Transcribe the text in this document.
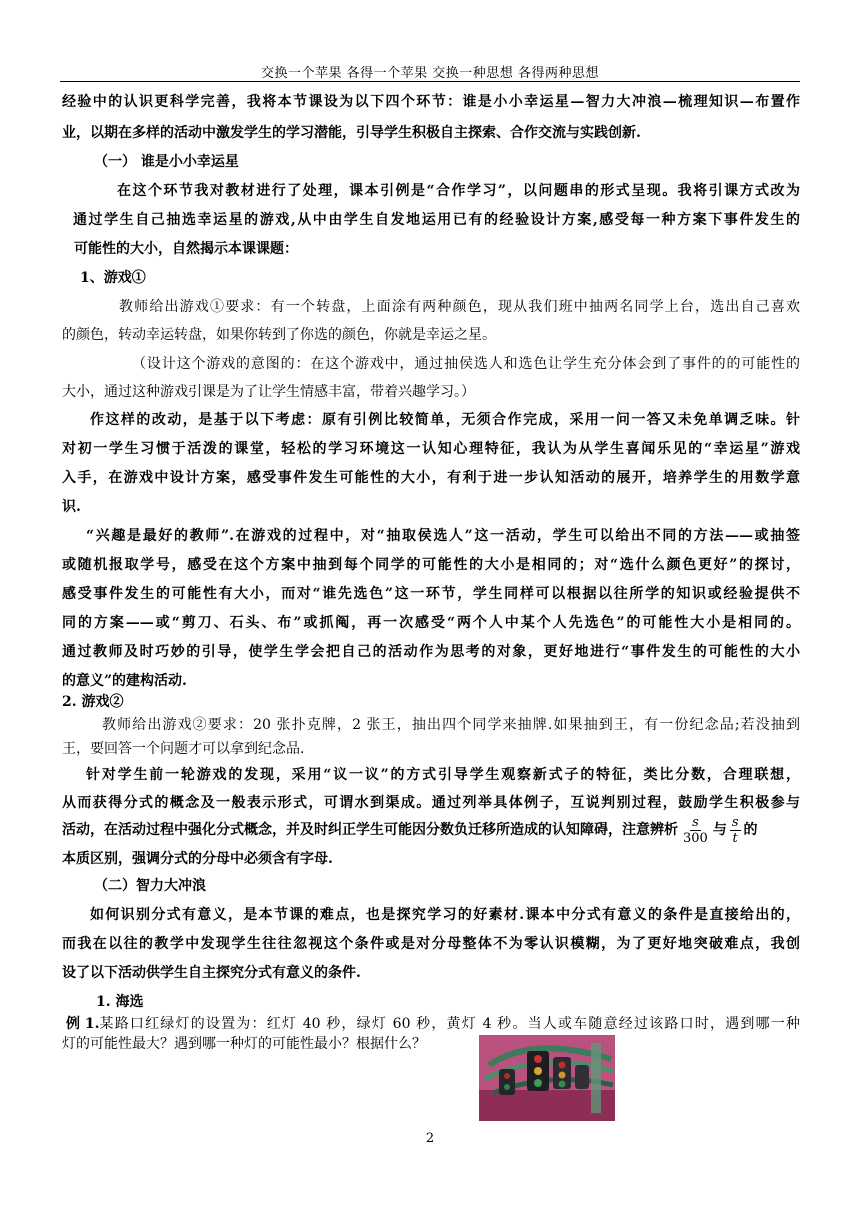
交换一个苹果 各得一个苹果 交换一种思想 各得两种思想
经验中的认识更科学完善，我将本节课设为以下四个环节：谁是小小幸运星—智力大冲浪—梳理知识—布置作
业，以期在多样的活动中激发学生的学习潜能，引导学生积极自主探索、合作交流与实践创新.
（一） 谁是小小幸运星
在这个环节我对教材进行了处理，课本引例是“合作学习”，以问题串的形式呈现。我将引课方式改为
通过学生自己抽选幸运星的游戏,从中由学生自发地运用已有的经验设计方案,感受每一种方案下事件发生的
可能性的大小，自然揭示本课课题：
1、游戏①
教师给出游戏①要求：有一个转盘，上面涂有两种颜色，现从我们班中抽两名同学上台，选出自己喜欢
的颜色，转动幸运转盘，如果你转到了你选的颜色，你就是幸运之星。
（设计这个游戏的意图的：在这个游戏中，通过抽侯选人和选色让学生充分体会到了事件的的可能性的
大小，通过这种游戏引课是为了让学生情感丰富，带着兴趣学习。）
作这样的改动，是基于以下考虑：原有引例比较简单，无须合作完成，采用一问一答又未免单调乏味。针
对初一学生习惯于活泼的课堂，轻松的学习环境这一认知心理特征，我认为从学生喜闻乐见的“幸运星”游戏
入手，在游戏中设计方案，感受事件发生可能性的大小，有利于进一步认知活动的展开，培养学生的用数学意
识.
“兴趣是最好的教师”.在游戏的过程中，对“抽取侯选人”这一活动，学生可以给出不同的方法——或抽签
或随机报取学号，感受在这个方案中抽到每个同学的可能性的大小是相同的；对“选什么颜色更好”的探讨，
感受事件发生的可能性有大小，而对“谁先选色”这一环节，学生同样可以根据以往所学的知识或经验提供不
同的方案——或“剪刀、石头、布”或抓阄，再一次感受“两个人中某个人先选色”的可能性大小是相同的。
通过教师及时巧妙的引导，使学生学会把自己的活动作为思考的对象，更好地进行“事件发生的可能性的大小
的意义”的建构活动.
2. 游戏②
教师给出游戏②要求：20 张扑克牌，2 张王，抽出四个同学来抽牌.如果抽到王，有一份纪念品;若没抽到
王，要回答一个问题才可以拿到纪念品.
针对学生前一轮游戏的发现，采用“议一议”的方式引导学生观察新式子的特征，类比分数，合理联想，
从而获得分式的概念及一般表示形式，可谓水到渠成。通过列举具体例子，互说判别过程，鼓励学生积极参与
活动，在活动过程中强化分式概念，并及时纠正学生可能因分数负迁移所造成的认知障碍，注意辨析 $\frac{s}{300}$ 与 $\frac{s}{t}$ 的
本质区别，强调分式的分母中必须含有字母.
（二）智力大冲浪
如何识别分式有意义，是本节课的难点，也是探究学习的好素材.课本中分式有意义的条件是直接给出的，
而我在以往的教学中发现学生往往忽视这个条件或是对分母整体不为零认识模糊，为了更好地突破难点，我创
设了以下活动供学生自主探究分式有意义的条件.
1. 海选
例 1. 某路口红绿灯的设置为：红灯 40 秒，绿灯 60 秒，黄灯 4 秒。当人或车随意经过该路口时，遇到哪一种
灯的可能性最大？遇到哪一种灯的可能性最小？根据什么？
2
